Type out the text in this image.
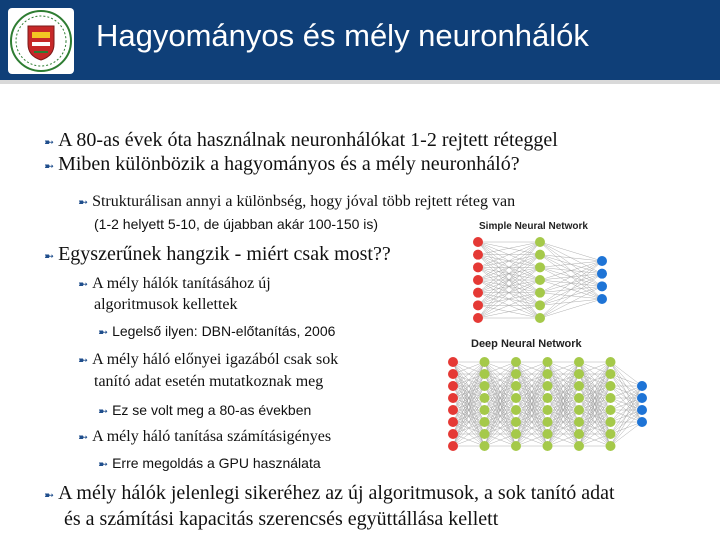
Hagyományos és mély neuronhálók
➼ A 80-as évek óta használnak neuronhálókat 1-2 rejtett réteggel
➼ Miben különbözik a hagyományos és a mély neuronháló?
➼ Strukturálisan annyi a különbség, hogy jóval több rejtett réteg van
(1-2 helyett 5-10, de újabban akár 100-150 is)
➼ Egyszerűnek hangzik - miért csak most??
➼ A mély hálók tanításához új
algoritmusok kellettek
➼ Legelső ilyen: DBN-előtanítás, 2006
➼ A mély háló előnyei igazából csak sok
tanító adat esetén mutatkoznak meg
➼ Ez se volt meg a 80-as években
➼ A mély háló tanítása számításigényes
➼ Erre megoldás a GPU használata
➼ A mély hálók jelenlegi sikeréhez az új algoritmusok, a sok tanító adat
és a számítási kapacitás szerencsés együttállása kellett
Simple Neural Network
Deep Neural Network
